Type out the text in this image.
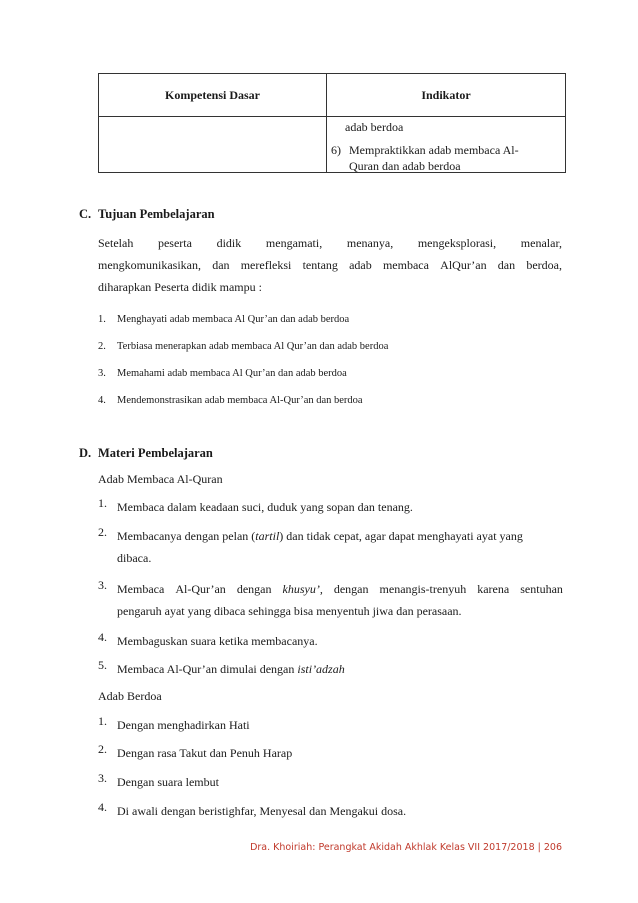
Kompetensi Dasar	Indikator

	adab berdoa
6) Mempraktikkan adab membaca Al-
Quran dan adab berdoa
C. Tujuan Pembelajaran
Setelah peserta didik mengamati, menanya, mengeksplorasi, menalar,
mengkomunikasikan, dan merefleksi tentang adab membaca AlQur’an dan berdoa,
diharapkan Peserta didik mampu :
1. Menghayati adab membaca Al Qur’an dan adab berdoa
2. Terbiasa menerapkan adab membaca Al Qur’an dan adab berdoa
3. Memahami adab membaca Al Qur’an dan adab berdoa
4. Mendemonstrasikan adab membaca Al-Qur’an dan berdoa
D. Materi Pembelajaran
Adab Membaca Al-Quran
1. Membaca dalam keadaan suci, duduk yang sopan dan tenang.
2. Membacanya dengan pelan (tartil) dan tidak cepat, agar dapat menghayati ayat yang
dibaca.
3. Membaca Al-Qur’an dengan khusyu’, dengan menangis-trenyuh karena sentuhan
pengaruh ayat yang dibaca sehingga bisa menyentuh jiwa dan perasaan.
4. Membaguskan suara ketika membacanya.
5. Membaca Al-Qur’an dimulai dengan isti’adzah
Adab Berdoa
1. Dengan menghadirkan Hati
2. Dengan rasa Takut dan Penuh Harap
3. Dengan suara lembut
4. Di awali dengan beristighfar, Menyesal dan Mengakui dosa.
Dra. Khoiriah: Perangkat Akidah Akhlak Kelas VII 2017/2018 | 206
